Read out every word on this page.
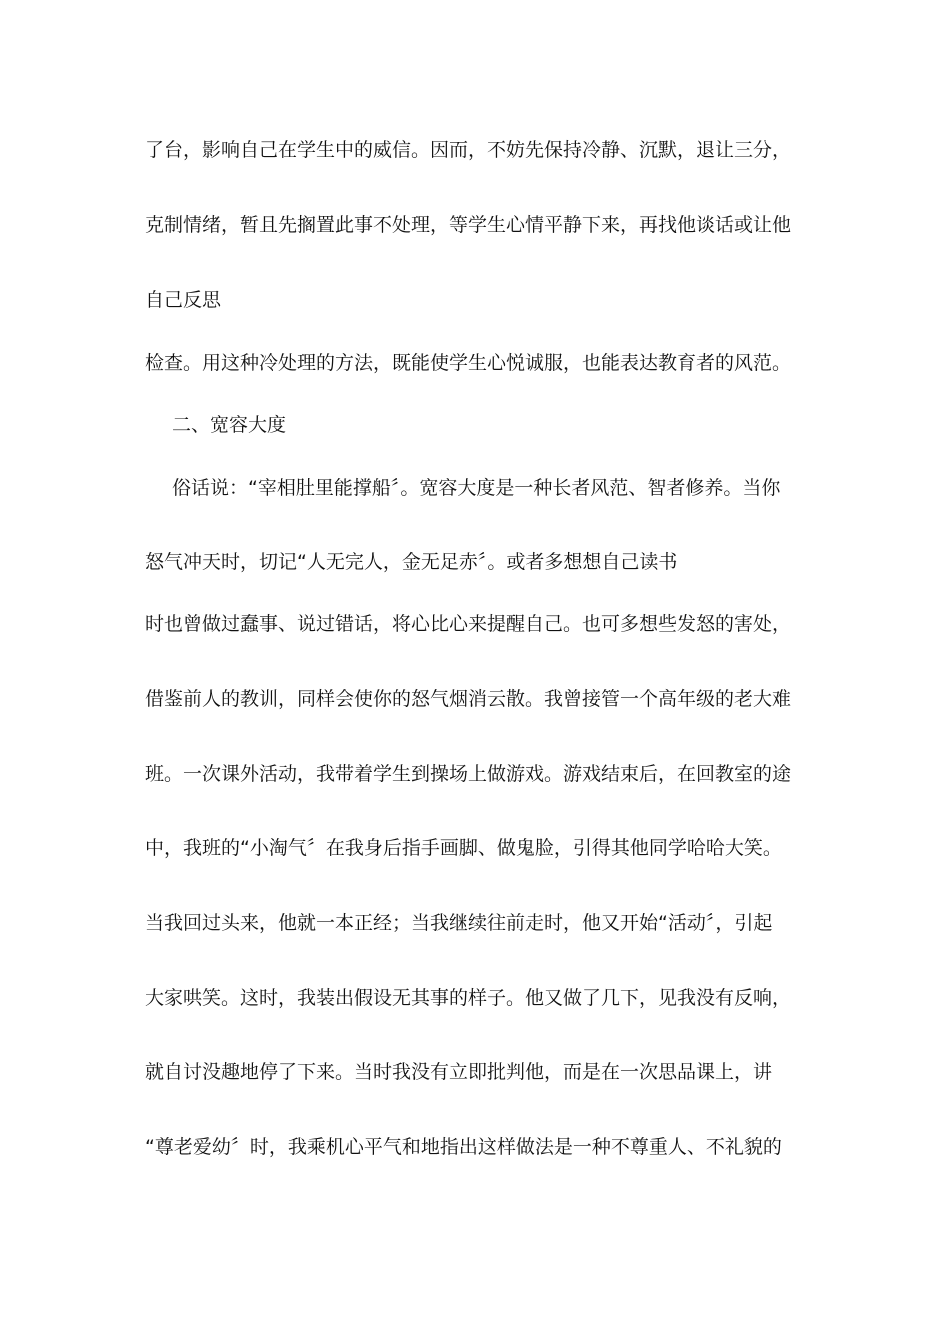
了台，影响自己在学生中的威信。因而，不妨先保持冷静、沉默，退让三分，
克制情绪，暂且先搁置此事不处理，等学生心情平静下来，再找他谈话或让他
自己反思
检查。用这种冷处理的方法，既能使学生心悦诚服，也能表达教育者的风范。
二、宽容大度
俗话说：“宰相肚里能撑船〞。宽容大度是一种长者风范、智者修养。当你
怒气冲天时，切记“人无完人，金无足赤〞。或者多想想自己读书
时也曾做过蠢事、说过错话，将心比心来提醒自己。也可多想些发怒的害处，
借鉴前人的教训，同样会使你的怒气烟消云散。我曾接管一个高年级的老大难
班。一次课外活动，我带着学生到操场上做游戏。游戏结束后，在回教室的途
中，我班的“小淘气〞在我身后指手画脚、做鬼脸，引得其他同学哈哈大笑。
当我回过头来，他就一本正经；当我继续往前走时，他又开始“活动〞，引起
大家哄笑。这时，我装出假设无其事的样子。他又做了几下，见我没有反响，
就自讨没趣地停了下来。当时我没有立即批判他，而是在一次思品课上，讲
“尊老爱幼〞时，我乘机心平气和地指出这样做法是一种不尊重人、不礼貌的
